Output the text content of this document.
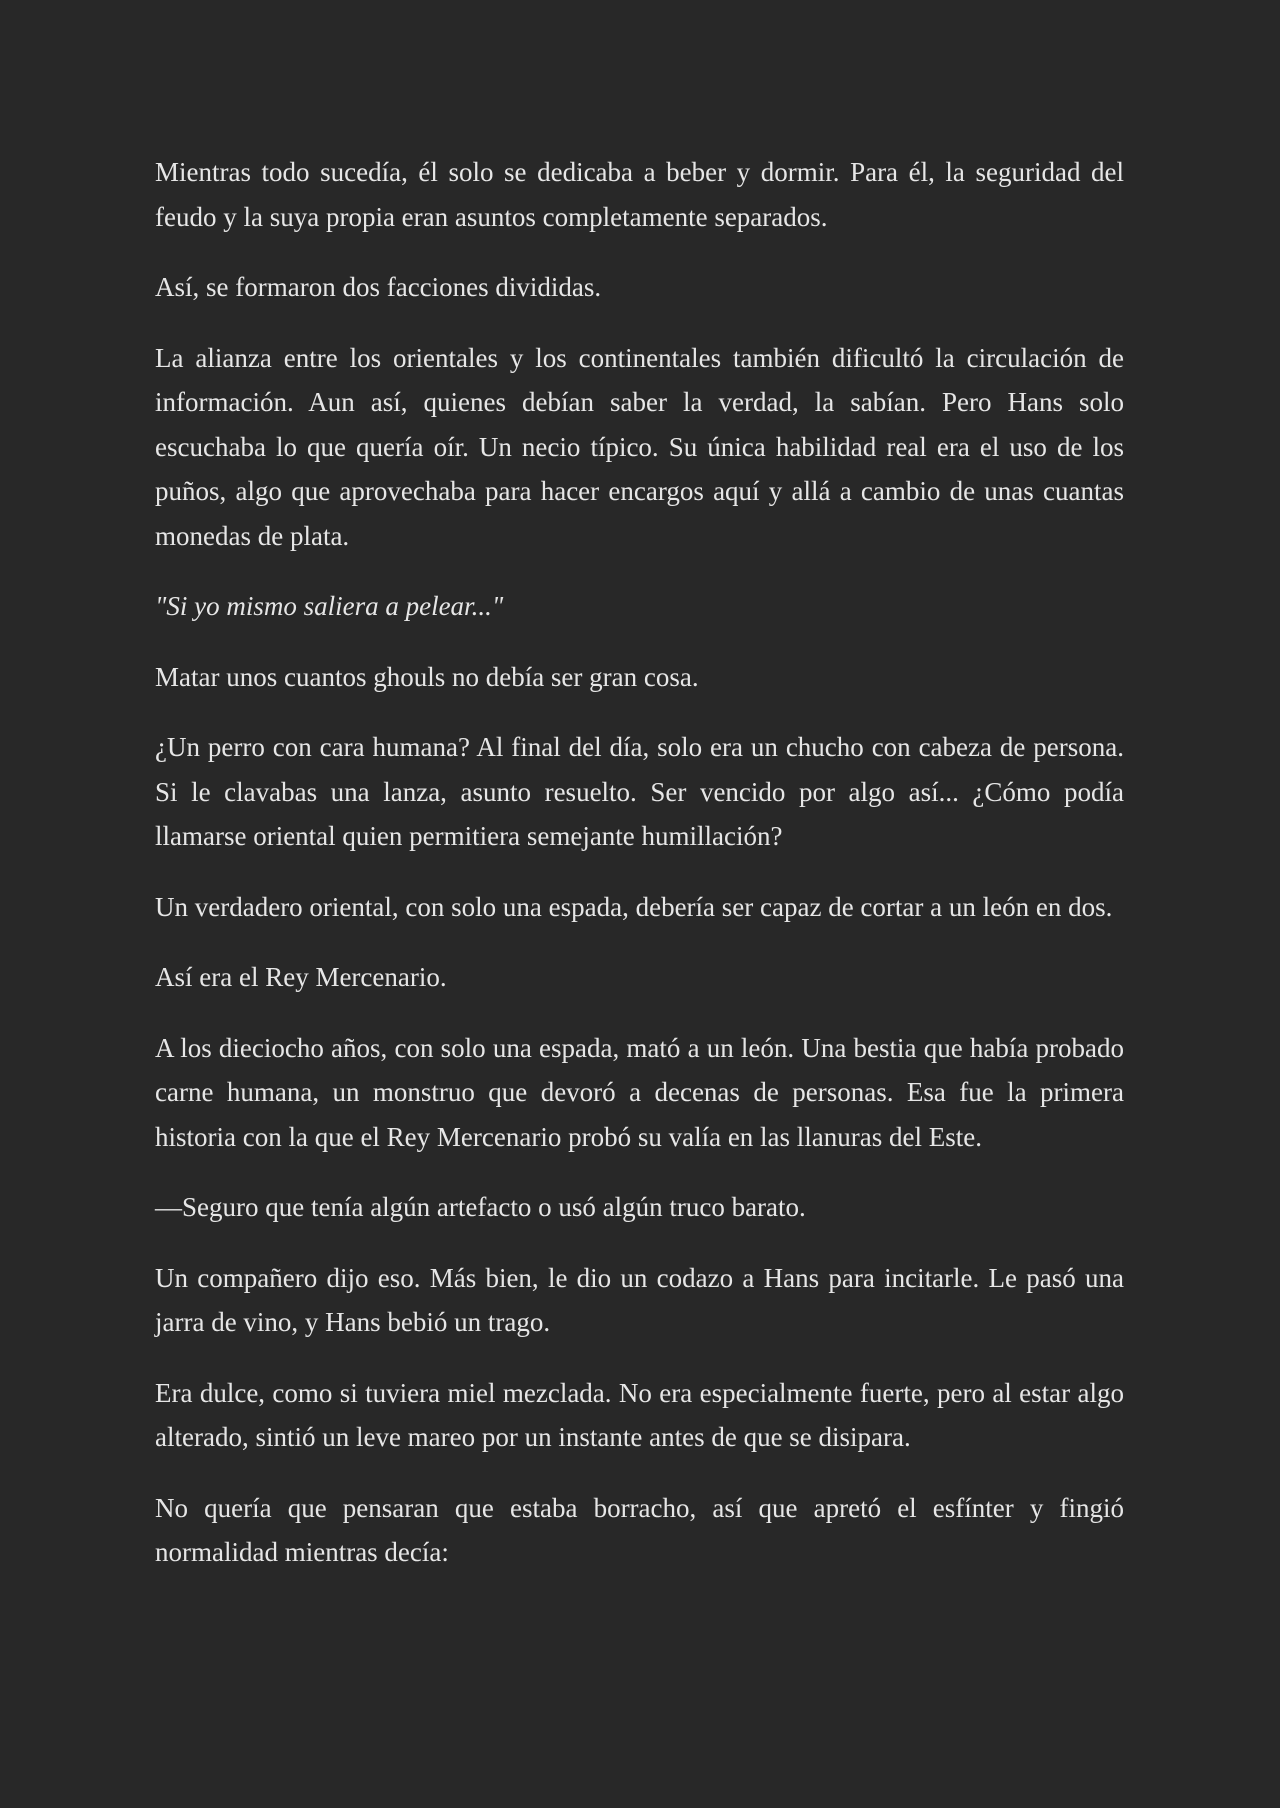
Mientras todo sucedía, él solo se dedicaba a beber y dormir. Para él, la seguridad del feudo y la suya propia eran asuntos completamente separados.

Así, se formaron dos facciones divididas.

La alianza entre los orientales y los continentales también dificultó la circulación de información. Aun así, quienes debían saber la verdad, la sabían. Pero Hans solo escuchaba lo que quería oír. Un necio típico. Su única habilidad real era el uso de los puños, algo que aprovechaba para hacer encargos aquí y allá a cambio de unas cuantas monedas de plata.

"Si yo mismo saliera a pelear..."

Matar unos cuantos ghouls no debía ser gran cosa.

¿Un perro con cara humana? Al final del día, solo era un chucho con cabeza de persona. Si le clavabas una lanza, asunto resuelto. Ser vencido por algo así... ¿Cómo podía llamarse oriental quien permitiera semejante humillación?

Un verdadero oriental, con solo una espada, debería ser capaz de cortar a un león en dos.

Así era el Rey Mercenario.

A los dieciocho años, con solo una espada, mató a un león. Una bestia que había probado carne humana, un monstruo que devoró a decenas de personas. Esa fue la primera historia con la que el Rey Mercenario probó su valía en las llanuras del Este.

—Seguro que tenía algún artefacto o usó algún truco barato.

Un compañero dijo eso. Más bien, le dio un codazo a Hans para incitarle. Le pasó una jarra de vino, y Hans bebió un trago.

Era dulce, como si tuviera miel mezclada. No era especialmente fuerte, pero al estar algo alterado, sintió un leve mareo por un instante antes de que se disipara.

No quería que pensaran que estaba borracho, así que apretó el esfínter y fingió normalidad mientras decía:
